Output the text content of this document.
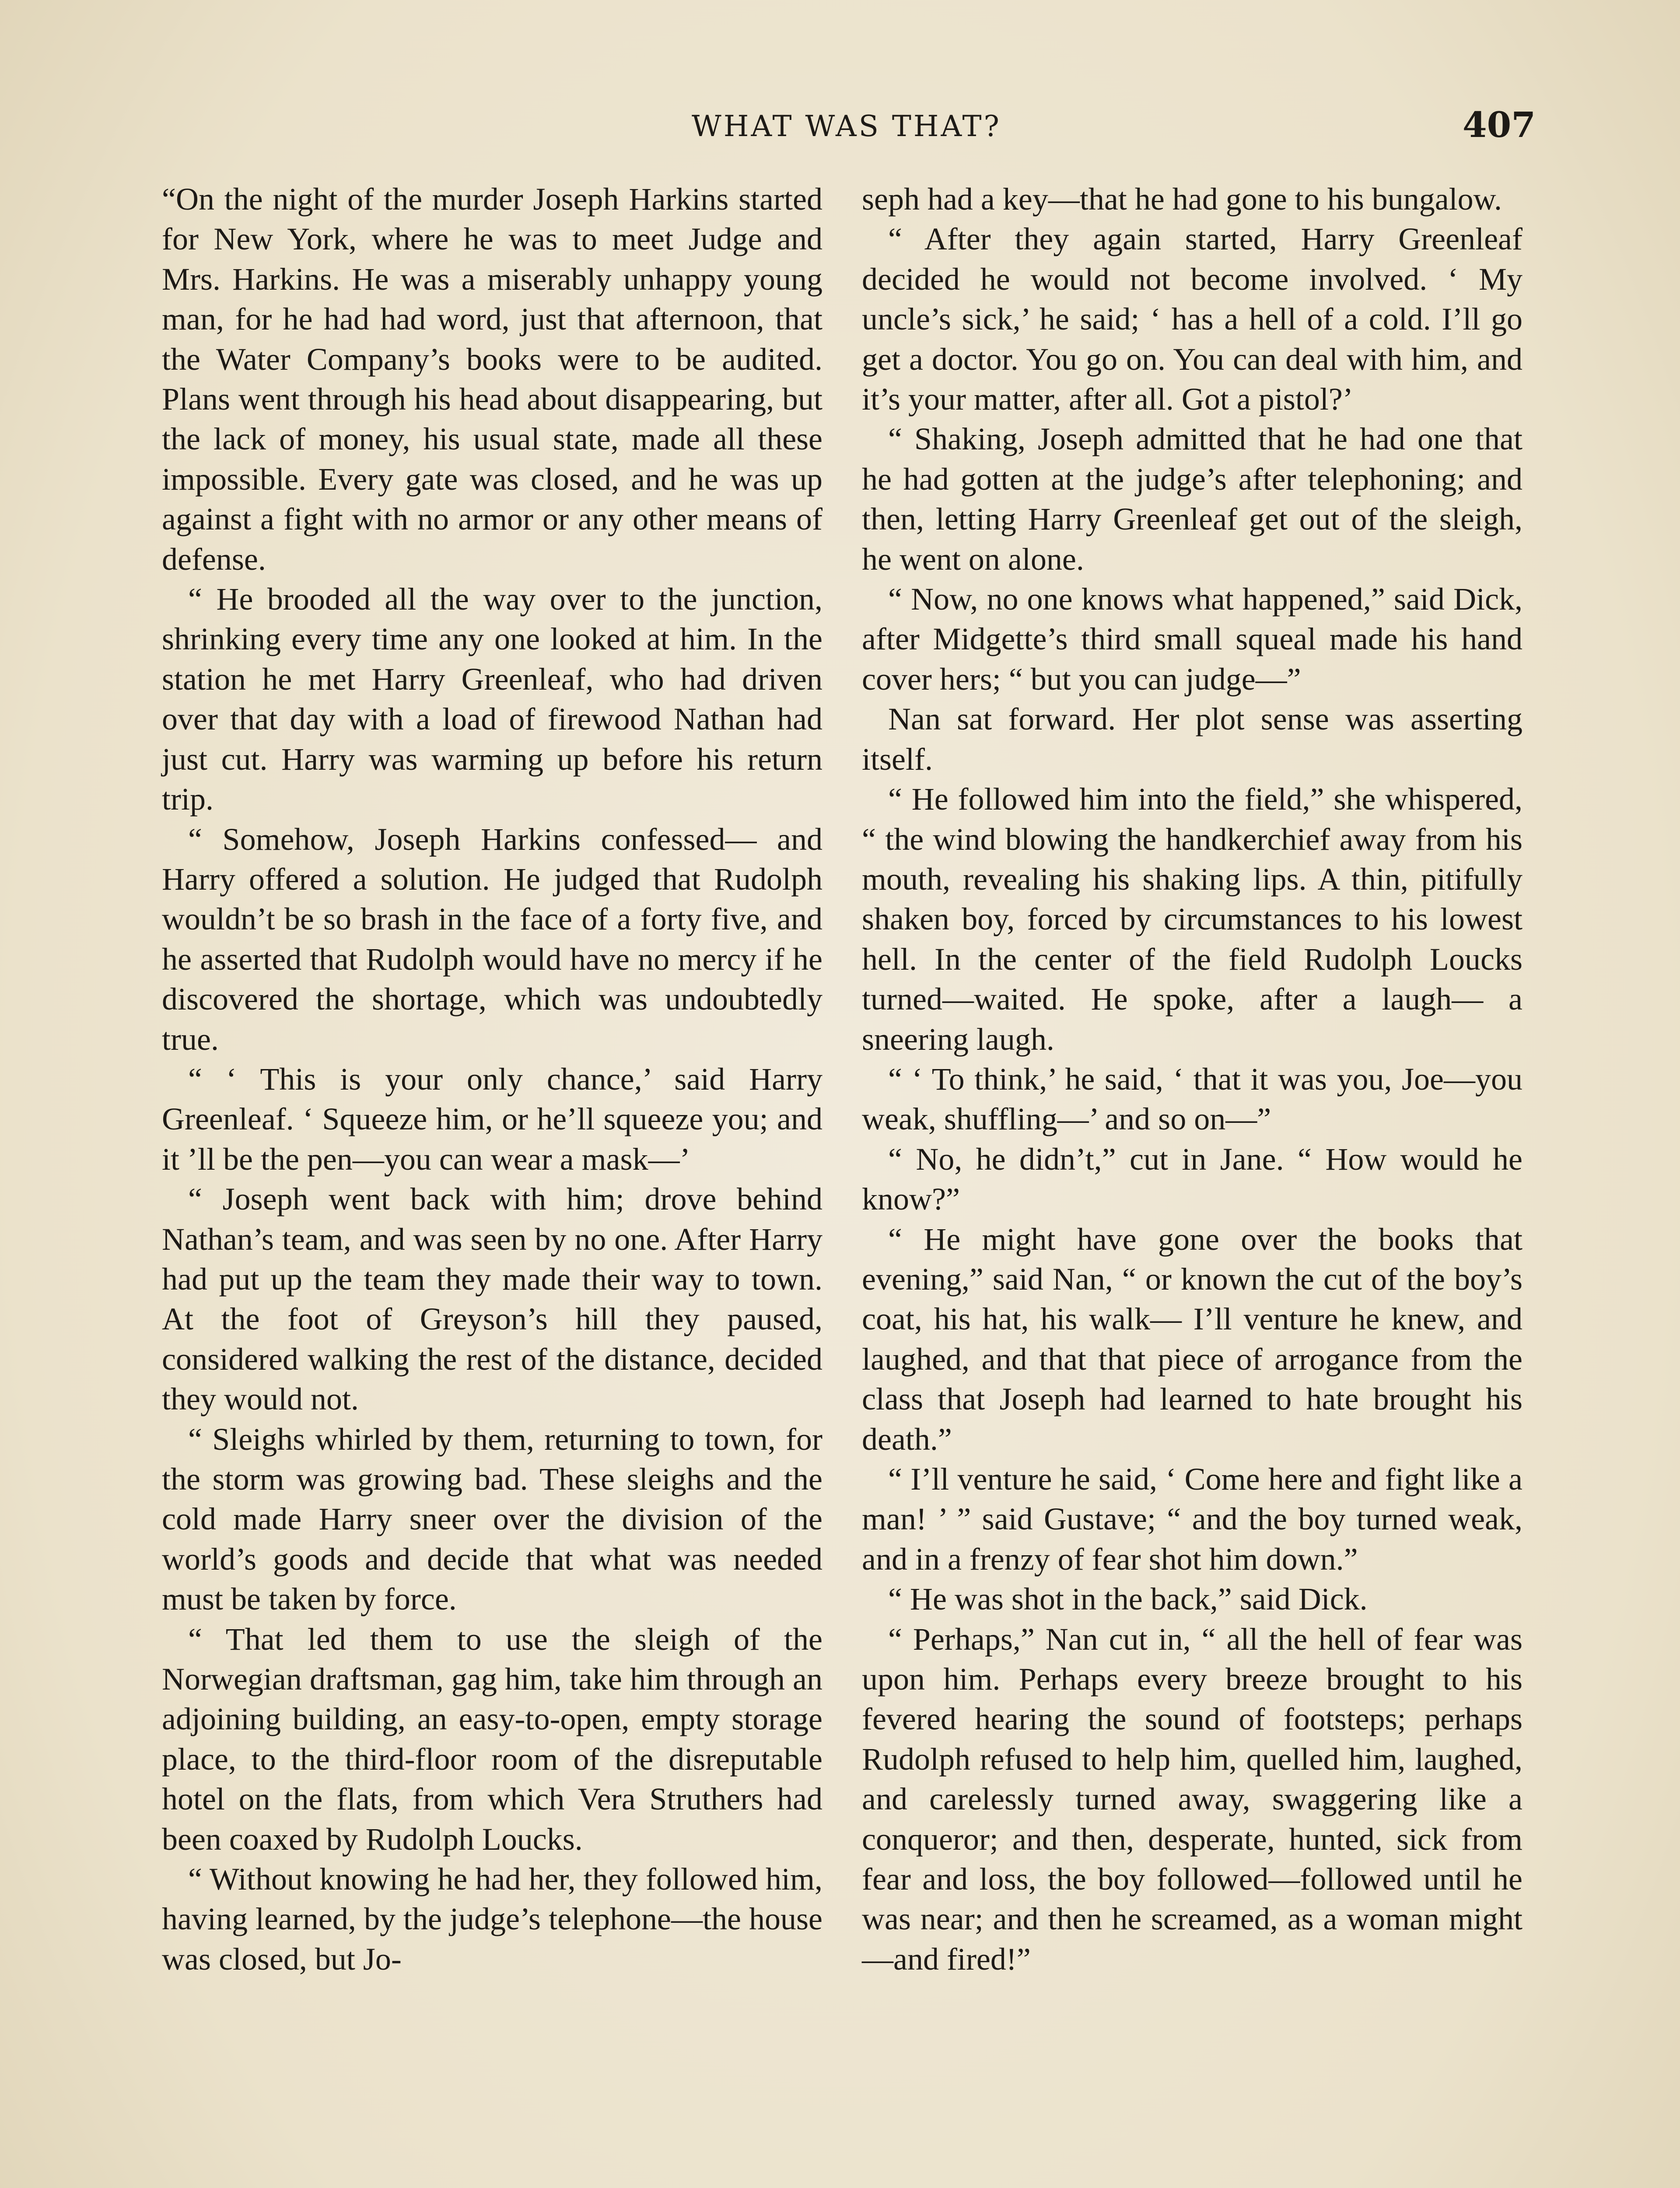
WHAT WAS THAT?	407

“On the night of the murder Joseph Harkins started for New York, where he was to meet Judge and Mrs. Harkins. He was a miserably unhappy young man, for he had had word, just that afternoon, that the Water Company’s books were to be audited. Plans went through his head about disappearing, but the lack of money, his usual state, made all these impossible. Every gate was closed, and he was up against a fight with no armor or any other means of defense.

“ He brooded all the way over to the junction, shrinking every time any one looked at him. In the station he met Harry Greenleaf, who had driven over that day with a load of firewood Nathan had just cut. Harry was warming up before his return trip.

“ Somehow, Joseph Harkins confessed— and Harry offered a solution. He judged that Rudolph wouldn’t be so brash in the face of a forty five, and he asserted that Rudolph would have no mercy if he discovered the shortage, which was undoubtedly true.

“ ‘ This is your only chance,’ said Harry Greenleaf. ‘ Squeeze him, or he’ll squeeze you; and it ’ll be the pen—you can wear a mask—’

“ Joseph went back with him; drove behind Nathan’s team, and was seen by no one. After Harry had put up the team they made their way to town. At the foot of Greyson’s hill they paused, considered walking the rest of the distance, decided they would not.

“ Sleighs whirled by them, returning to town, for the storm was growing bad. These sleighs and the cold made Harry sneer over the division of the world’s goods and decide that what was needed must be taken by force.

“ That led them to use the sleigh of the Norwegian draftsman, gag him, take him through an adjoining building, an easy-to-open, empty storage place, to the third-floor room of the disreputable hotel on the flats, from which Vera Struthers had been coaxed by Rudolph Loucks.

“ Without knowing he had her, they followed him, having learned, by the judge’s telephone—the house was closed, but Jo-

seph had a key—that he had gone to his bungalow.

“ After they again started, Harry Greenleaf decided he would not become involved. ‘ My uncle’s sick,’ he said; ‘ has a hell of a cold. I’ll go get a doctor. You go on. You can deal with him, and it’s your matter, after all. Got a pistol?’

“ Shaking, Joseph admitted that he had one that he had gotten at the judge’s after telephoning; and then, letting Harry Greenleaf get out of the sleigh, he went on alone.

“ Now, no one knows what happened,” said Dick, after Midgette’s third small squeal made his hand cover hers; “ but you can judge—”

Nan sat forward. Her plot sense was asserting itself.

“ He followed him into the field,” she whispered, “ the wind blowing the handkerchief away from his mouth, revealing his shaking lips. A thin, pitifully shaken boy, forced by circumstances to his lowest hell. In the center of the field Rudolph Loucks turned—waited. He spoke, after a laugh— a sneering laugh.

“ ‘ To think,’ he said, ‘ that it was you, Joe—you weak, shuffling—’ and so on—”

“ No, he didn’t,” cut in Jane. “ How would he know?”

“ He might have gone over the books that evening,” said Nan, “ or known the cut of the boy’s coat, his hat, his walk— I’ll venture he knew, and laughed, and that that piece of arrogance from the class that Joseph had learned to hate brought his death.”

“ I’ll venture he said, ‘ Come here and fight like a man! ’ ” said Gustave; “ and the boy turned weak, and in a frenzy of fear shot him down.”

“ He was shot in the back,” said Dick.

“ Perhaps,” Nan cut in, “ all the hell of fear was upon him. Perhaps every breeze brought to his fevered hearing the sound of footsteps; perhaps Rudolph refused to help him, quelled him, laughed, and carelessly turned away, swaggering like a conqueror; and then, desperate, hunted, sick from fear and loss, the boy followed—followed until he was near; and then he screamed, as a woman might—and fired!”
